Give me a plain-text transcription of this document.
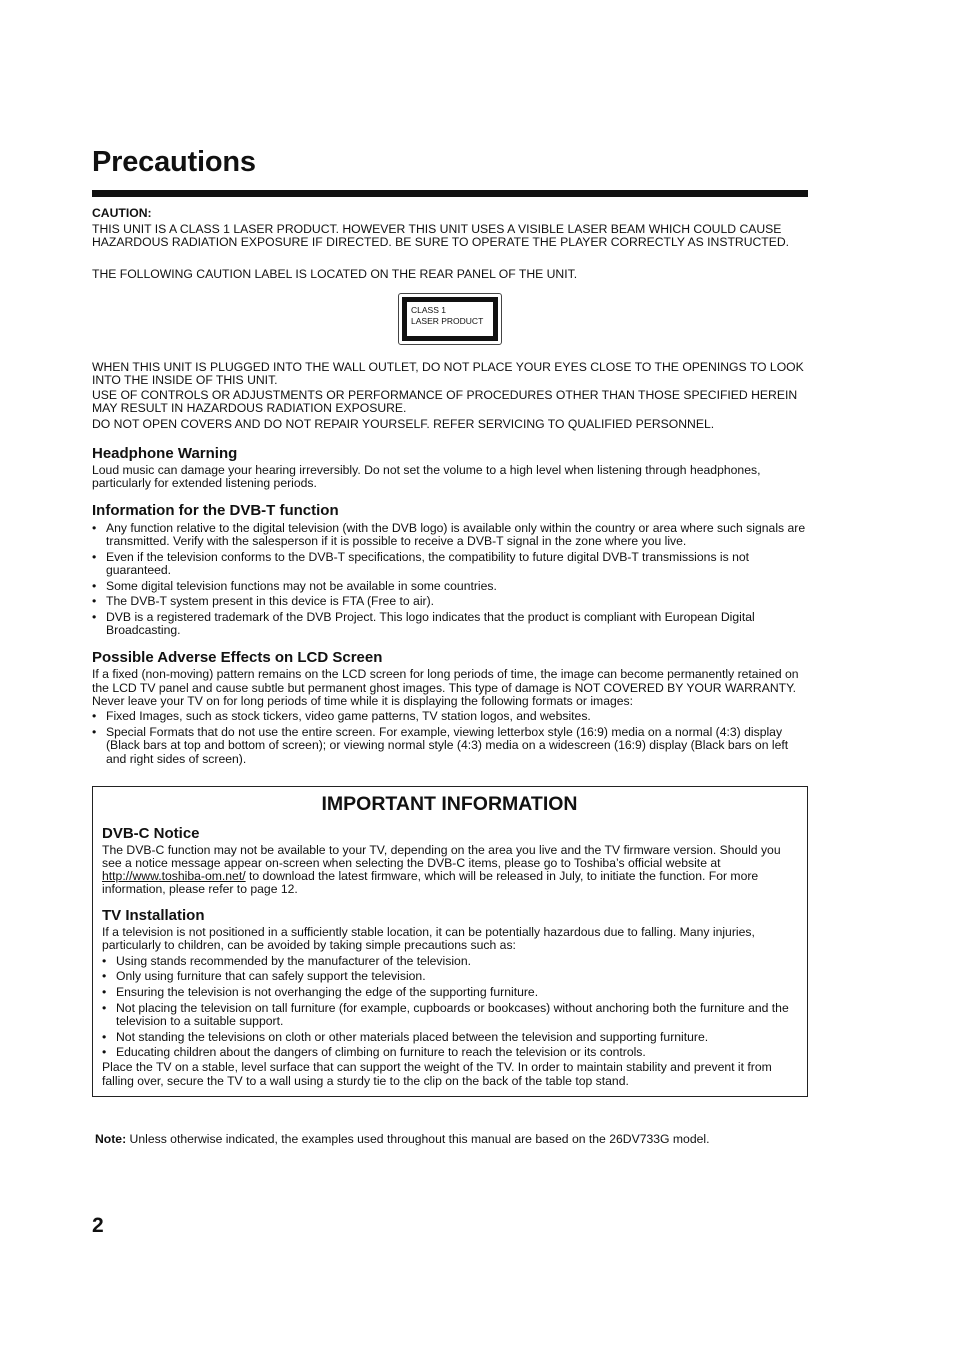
Precautions

CAUTION:

THIS UNIT IS A CLASS 1 LASER PRODUCT. HOWEVER THIS UNIT USES A VISIBLE LASER BEAM WHICH COULD CAUSE HAZARDOUS RADIATION EXPOSURE IF DIRECTED. BE SURE TO OPERATE THE PLAYER CORRECTLY AS INSTRUCTED.

THE FOLLOWING CAUTION LABEL IS LOCATED ON THE REAR PANEL OF THE UNIT.

CLASS 1
LASER PRODUCT

WHEN THIS UNIT IS PLUGGED INTO THE WALL OUTLET, DO NOT PLACE YOUR EYES CLOSE TO THE OPENINGS TO LOOK INTO THE INSIDE OF THIS UNIT.

USE OF CONTROLS OR ADJUSTMENTS OR PERFORMANCE OF PROCEDURES OTHER THAN THOSE SPECIFIED HEREIN MAY RESULT IN HAZARDOUS RADIATION EXPOSURE.

DO NOT OPEN COVERS AND DO NOT REPAIR YOURSELF. REFER SERVICING TO QUALIFIED PERSONNEL.

Headphone Warning

Loud music can damage your hearing irreversibly. Do not set the volume to a high level when listening through headphones, particularly for extended listening periods.

Information for the DVB-T function
• Any function relative to the digital television (with the DVB logo) is available only within the country or area where such signals are transmitted. Verify with the salesperson if it is possible to receive a DVB-T signal in the zone where you live.
• Even if the television conforms to the DVB-T specifications, the compatibility to future digital DVB-T transmissions is not guaranteed.
• Some digital television functions may not be available in some countries.
• The DVB-T system present in this device is FTA (Free to air).
• DVB is a registered trademark of the DVB Project. This logo indicates that the product is compliant with European Digital Broadcasting.
Possible Adverse Effects on LCD Screen

If a fixed (non-moving) pattern remains on the LCD screen for long periods of time, the image can become permanently retained on the LCD TV panel and cause subtle but permanent ghost images. This type of damage is NOT COVERED BY YOUR WARRANTY. Never leave your TV on for long periods of time while it is displaying the following formats or images:

• Fixed Images, such as stock tickers, video game patterns, TV station logos, and websites.
• Special Formats that do not use the entire screen. For example, viewing letterbox style (16:9) media on a normal (4:3) display (Black bars at top and bottom of screen); or viewing normal style (4:3) media on a widescreen (16:9) display (Black bars on left and right sides of screen).
IMPORTANT INFORMATION
DVB-C Notice

The DVB-C function may not be available to your TV, depending on the area you live and the TV firmware version. Should you see a notice message appear on-screen when selecting the DVB-C items, please go to Toshiba’s official website at
http://www.toshiba-om.net/ to download the latest firmware, which will be released in July, to initiate the function. For more information, please refer to page 12.

TV Installation

If a television is not positioned in a sufficiently stable location, it can be potentially hazardous due to falling. Many injuries, particularly to children, can be avoided by taking simple precautions such as:

• Using stands recommended by the manufacturer of the television.
• Only using furniture that can safely support the television.
• Ensuring the television is not overhanging the edge of the supporting furniture.
• Not placing the television on tall furniture (for example, cupboards or bookcases) without anchoring both the furniture and the television to a suitable support.
• Not standing the televisions on cloth or other materials placed between the television and supporting furniture.
• Educating children about the dangers of climbing on furniture to reach the television or its controls.

Place the TV on a stable, level surface that can support the weight of the TV. In order to maintain stability and prevent it from falling over, secure the TV to a wall using a sturdy tie to the clip on the back of the table top stand.

Note: Unless otherwise indicated, the examples used throughout this manual are based on the 26DV733G model.

2
